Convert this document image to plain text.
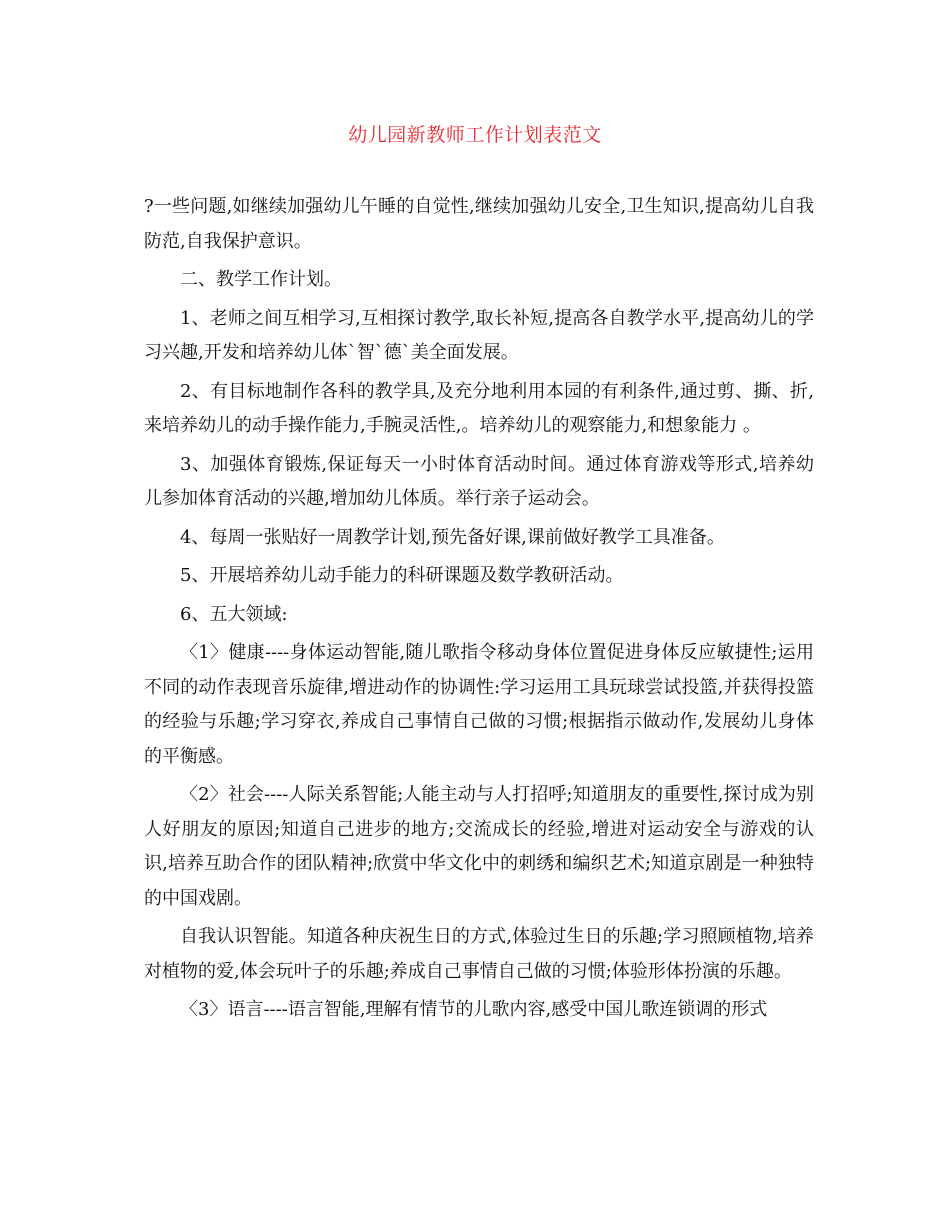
幼儿园新教师工作计划表范文

?一些问题,如继续加强幼儿午睡的自觉性,继续加强幼儿安全,卫生知识,提高幼儿自我防范,自我保护意识。

二、教学工作计划。

1、老师之间互相学习,互相探讨教学,取长补短,提高各自教学水平,提高幼儿的学习兴趣,开发和培养幼儿体`智`德`美全面发展。

2、有目标地制作各科的教学具,及充分地利用本园的有利条件,通过剪、撕、折,来培养幼儿的动手操作能力,手腕灵活性,。培养幼儿的观察能力,和想象能力 。

3、加强体育锻炼,保证每天一小时体育活动时间。通过体育游戏等形式,培养幼儿参加体育活动的兴趣,增加幼儿体质。举行亲子运动会。

4、每周一张贴好一周教学计划,预先备好课,课前做好教学工具准备。

5、开展培养幼儿动手能力的科研课题及数学教研活动。

6、五大领域:

〈1〉健康----身体运动智能,随儿歌指令移动身体位置促进身体反应敏捷性;运用不同的动作表现音乐旋律,增进动作的协调性:学习运用工具玩球尝试投篮,并获得投篮的经验与乐趣;学习穿衣,养成自己事情自己做的习惯;根据指示做动作,发展幼儿身体的平衡感。

〈2〉社会----人际关系智能;人能主动与人打招呼;知道朋友的重要性,探讨成为别人好朋友的原因;知道自己进步的地方;交流成长的经验,增进对运动安全与游戏的认识,培养互助合作的团队精神;欣赏中华文化中的刺绣和编织艺术;知道京剧是一种独特的中国戏剧。

自我认识智能。知道各种庆祝生日的方式,体验过生日的乐趣;学习照顾植物,培养对植物的爱,体会玩叶子的乐趣;养成自己事情自己做的习惯;体验形体扮演的乐趣。

〈3〉语言----语言智能,理解有情节的儿歌内容,感受中国儿歌连锁调的形式
